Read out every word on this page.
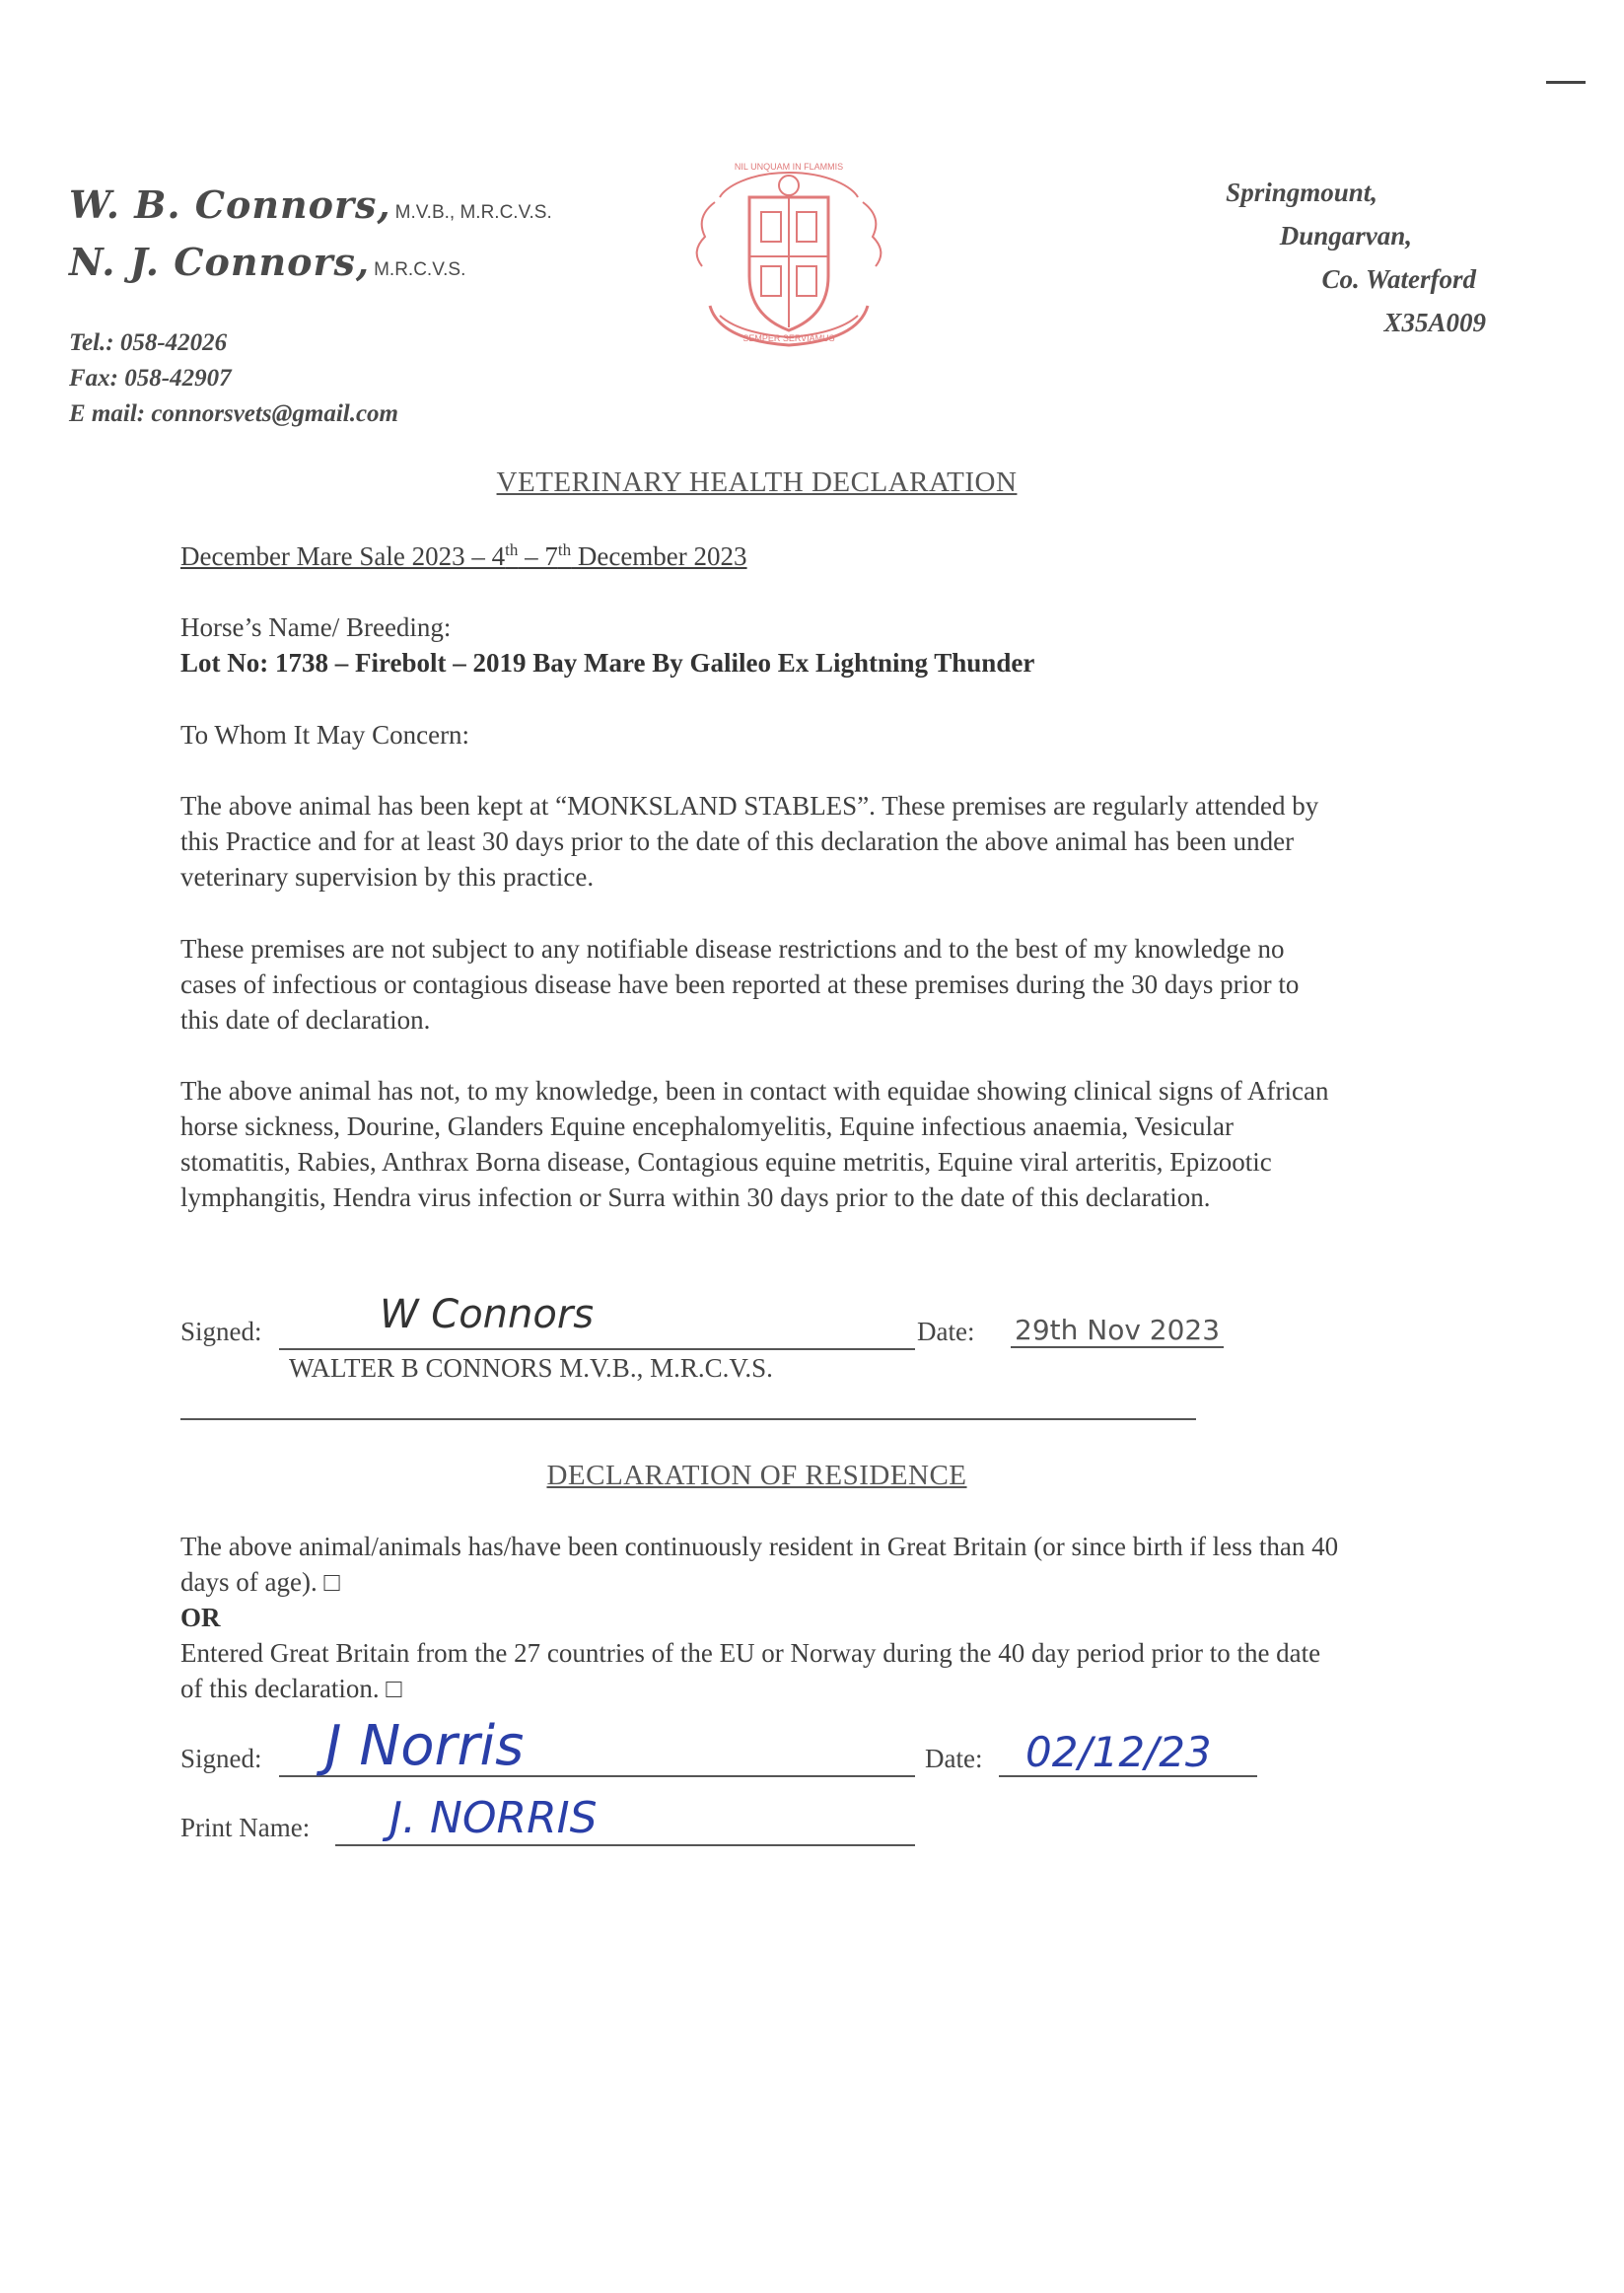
W. B. Connors, M.V.B., M.R.C.V.S.
N. J. Connors, M.R.C.V.S.
Tel.: 058-42026
Fax: 058-42907
E mail: connorsvets@gmail.com
NIL UNQUAM IN FLAMMIS
SEMPER SERVIAMUS
Springmount,
Dungarvan,
Co. Waterford
X35A009
VETERINARY HEALTH DECLARATION
December Mare Sale 2023 – 4th – 7th December 2023
Horse’s Name/ Breeding:
Lot No: 1738 – Firebolt – 2019 Bay Mare By Galileo Ex Lightning Thunder
To Whom It May Concern:
The above animal has been kept at “MONKSLAND STABLES”. These premises are regularly attended by this Practice and for at least 30 days prior to the date of this declaration the above animal has been under veterinary supervision by this practice.
These premises are not subject to any notifiable disease restrictions and to the best of my knowledge no cases of infectious or contagious disease have been reported at these premises during the 30 days prior to this date of declaration.
The above animal has not, to my knowledge, been in contact with equidae showing clinical signs of African horse sickness, Dourine, Glanders Equine encephalomyelitis, Equine infectious anaemia, Vesicular stomatitis, Rabies, Anthrax Borna disease, Contagious equine metritis, Equine viral arteritis, Epizootic lymphangitis, Hendra virus infection or Surra within 30 days prior to the date of this declaration.
Signed:	W Connors	Date: 29th Nov 2023
WALTER B CONNORS M.V.B., M.R.C.V.S.
DECLARATION OF RESIDENCE
The above animal/animals has/have been continuously resident in Great Britain (or since birth if less than 40 days of age). □
OR
Entered Great Britain from the 27 countries of the EU or Norway during the 40 day period prior to the date of this declaration. □
Signed: J Norris	Date: 02/12/23
Print Name: J. NORRIS
